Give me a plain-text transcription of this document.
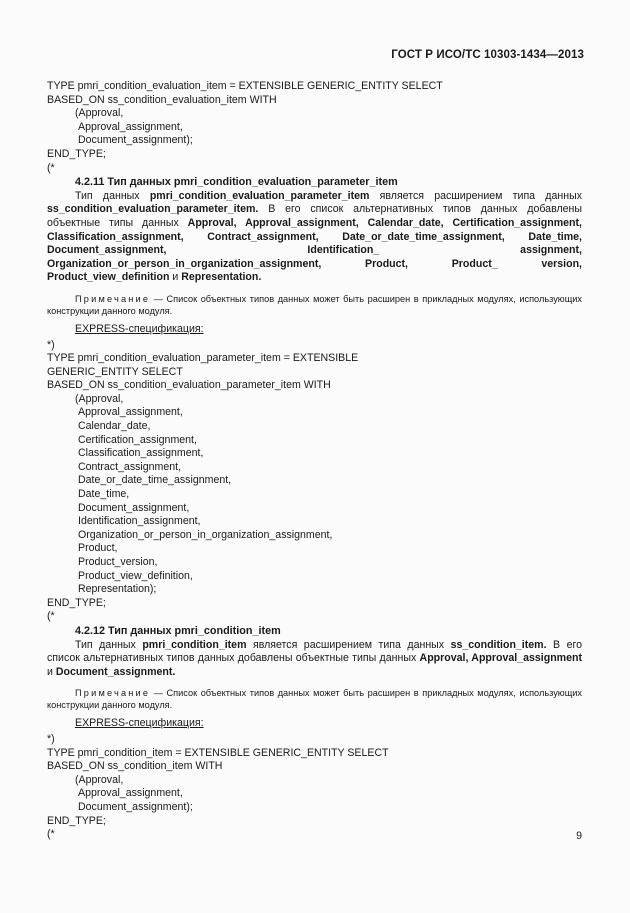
ГОСТ Р ИСО/ТС 10303-1434—2013
TYPE pmri_condition_evaluation_item = EXTENSIBLE GENERIC_ENTITY SELECT
BASED_ON ss_condition_evaluation_item WITH
(Approval,
Approval_assignment,
Document_assignment);
END_TYPE;
(*
4.2.11 Тип данных pmri_condition_evaluation_parameter_item
Тип данных pmri_condition_evaluation_parameter_item является расширением типа данных ss_condition_evaluation_parameter_item. В его список альтернативных типов данных добавлены объектные типы данных Approval, Approval_assignment, Calendar_date, Certification_assignment, Classification_assignment, Contract_assignment, Date_or_date_time_assignment, Date_time, Document_assignment, Identification_ assignment, Organization_or_person_in_organization_assignment, Product, Product_ version, Product_view_definition и Representation.
Примечание — Список объектных типов данных может быть расширен в прикладных модулях, использующих конструкции данного модуля.
EXPRESS-спецификация:
*)
TYPE pmri_condition_evaluation_parameter_item = EXTENSIBLE
GENERIC_ENTITY SELECT
BASED_ON ss_condition_evaluation_parameter_item WITH
(Approval,
Approval_assignment,
Calendar_date,
Certification_assignment,
Classification_assignment,
Contract_assignment,
Date_or_date_time_assignment,
Date_time,
Document_assignment,
Identification_assignment,
Organization_or_person_in_organization_assignment,
Product,
Product_version,
Product_view_definition,
Representation);
END_TYPE;
(*
4.2.12 Тип данных pmri_condition_item
Тип данных pmri_condition_item является расширением типа данных ss_condition_item. В его список альтернативных типов данных добавлены объектные типы данных Approval, Approval_assignment и Document_assignment.
Примечание — Список объектных типов данных может быть расширен в прикладных модулях, использующих конструкции данного модуля.
EXPRESS-спецификация:
*)
TYPE pmri_condition_item = EXTENSIBLE GENERIC_ENTITY SELECT
BASED_ON ss_condition_item WITH
(Approval,
Approval_assignment,
Document_assignment);
END_TYPE;
(*	9
